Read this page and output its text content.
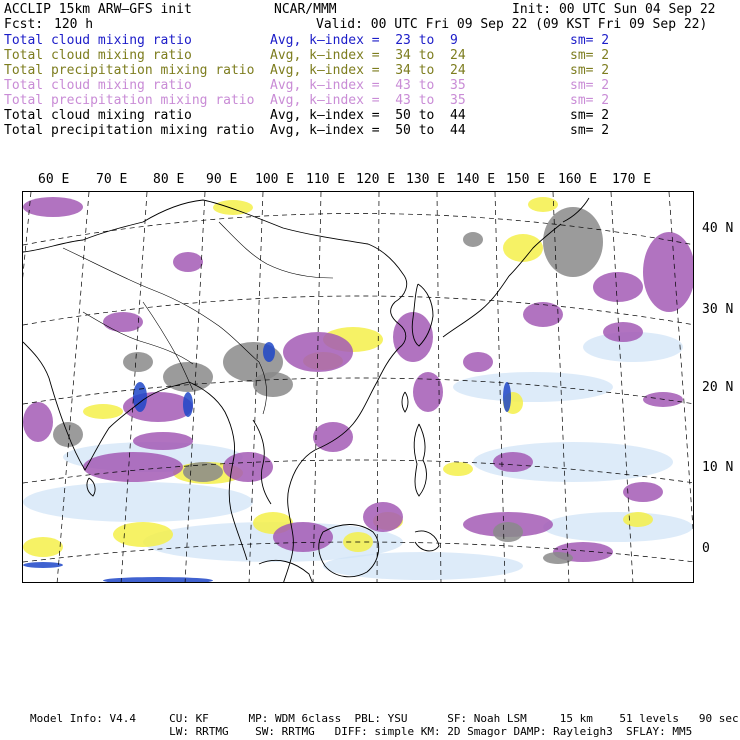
ACCLIP 15km ARW–GFS init	NCAR/MMM	Init: 00 UTC Sun 04 Sep 22
Fcst: 120 h	Valid: 00 UTC Fri 09 Sep 22 (09 KST Fri 09 Sep 22)
Total cloud mixing ratio	Avg, k–index =  23 to  9	sm= 2
Total cloud mixing ratio	Avg, k–index =  34 to  24	sm= 2
Total precipitation mixing ratio Avg, k–index =  34 to  24	sm= 2
Total cloud mixing ratio	Avg, k–index =  43 to  35	sm= 2
Total precipitation mixing ratio Avg, k–index =  43 to  35	sm= 2
Total cloud mixing ratio	Avg, k–index =  50 to  44	sm= 2
Total precipitation mixing ratio Avg, k–index =  50 to  44	sm= 2
60 E 70 E 80 E 90 E 100 E 110 E 120 E 130 E 140 E 150 E 160 E 170 E
40 N
30 N
20 N
10 N
0
Model Info: V4.4     CU: KF      MP: WDM 6class  PBL: YSU      SF: Noah LSM     15 km    51 levels   90 sec
LW: RRTMG    SW: RRTMG   DIFF: simple KM: 2D Smagor DAMP: Rayleigh3  SFLAY: MM5
